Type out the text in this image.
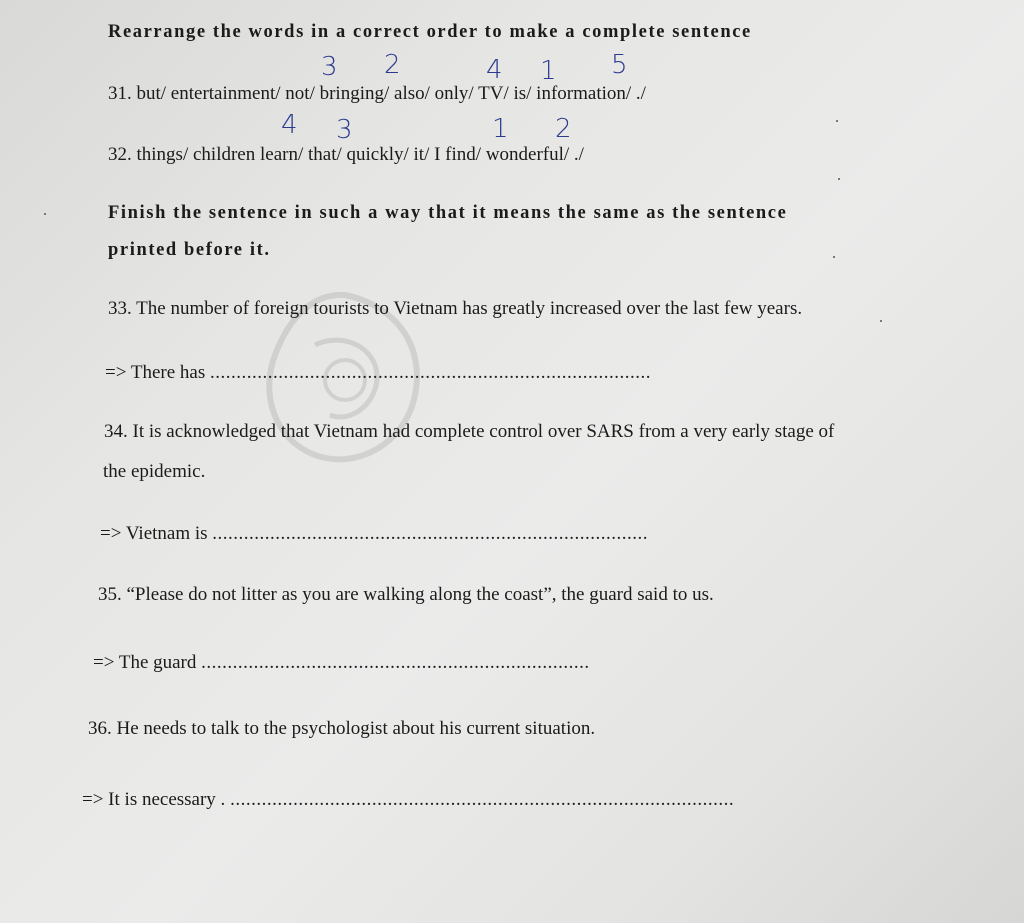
Rearrange the words in a correct order to make a complete sentence
3 2	4 1 5
31. but/ entertainment/ not/ bringing/ also/ only/ TV/ is/ information/ ./
4 3	1 2
32. things/ children learn/ that/ quickly/ it/ I find/ wonderful/ ./
Finish the sentence in such a way that it means the same as the sentence
printed before it.
33. The number of foreign tourists to Vietnam has greatly increased over the last few years.
=> There has ....................................................................................
34. It is acknowledged that Vietnam had complete control over SARS from a very early stage of
the epidemic.
=> Vietnam is ...................................................................................
35. “Please do not litter as you are walking along the coast”, the guard said to us.
=> The guard ..........................................................................
36. He needs to talk to the psychologist about his current situation.
=> It is necessary . ................................................................................................
